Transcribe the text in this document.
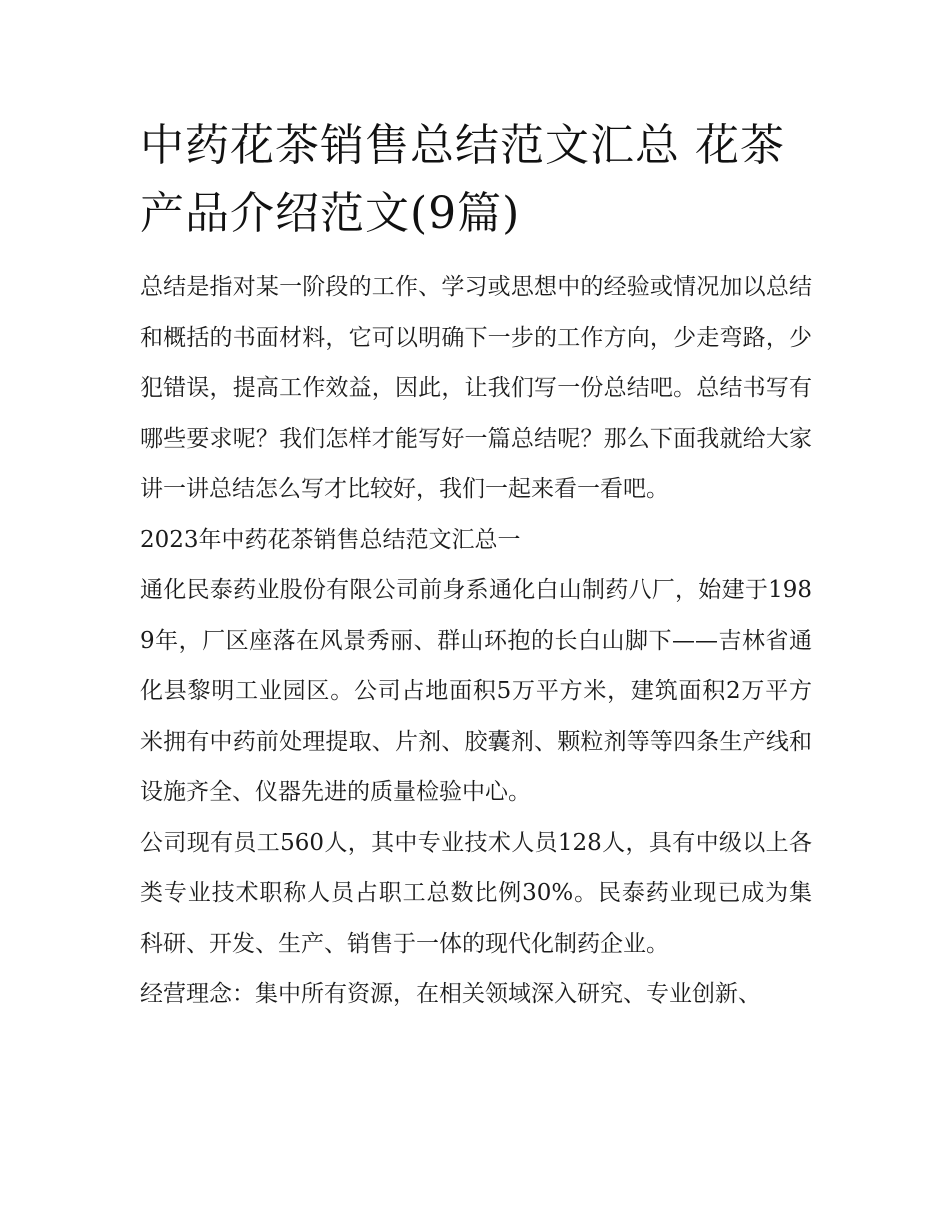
中药花茶销售总结范文汇总 花茶产品介绍范文(9篇)

总结是指对某一阶段的工作、学习或思想中的经验或情况加以总结和概括的书面材料，它可以明确下一步的工作方向，少走弯路，少犯错误，提高工作效益，因此，让我们写一份总结吧。总结书写有哪些要求呢？我们怎样才能写好一篇总结呢？那么下面我就给大家讲一讲总结怎么写才比较好，我们一起来看一看吧。

2023年中药花茶销售总结范文汇总一

通化民泰药业股份有限公司前身系通化白山制药八厂，始建于1989年，厂区座落在风景秀丽、群山环抱的长白山脚下——吉林省通化县黎明工业园区。公司占地面积5万平方米，建筑面积2万平方米拥有中药前处理提取、片剂、胶囊剂、颗粒剂等等四条生产线和设施齐全、仪器先进的质量检验中心。

公司现有员工560人，其中专业技术人员128人，具有中级以上各类专业技术职称人员占职工总数比例30%。民泰药业现已成为集科研、开发、生产、销售于一体的现代化制药企业。

经营理念：集中所有资源，在相关领域深入研究、专业创新、
